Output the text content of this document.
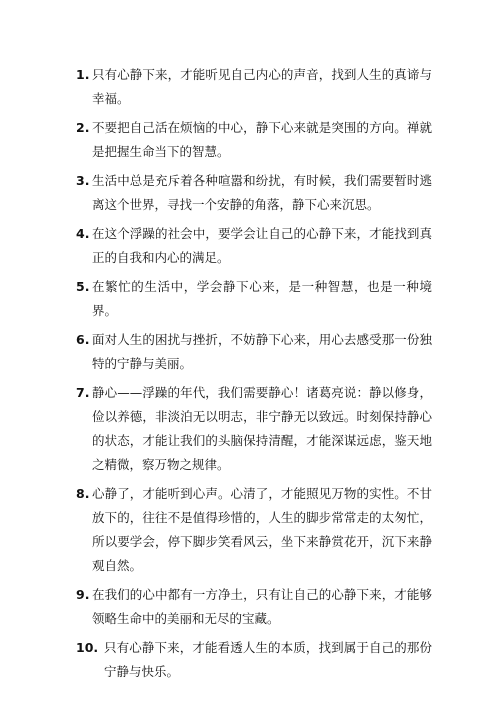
1. 只有心静下来，才能听见自己内心的声音，找到人生的真谛与幸福。
2. 不要把自己活在烦恼的中心，静下心来就是突围的方向。禅就是把握生命当下的智慧。
3. 生活中总是充斥着各种喧嚣和纷扰，有时候，我们需要暂时逃离这个世界，寻找一个安静的角落，静下心来沉思。
4. 在这个浮躁的社会中，要学会让自己的心静下来，才能找到真正的自我和内心的满足。
5. 在繁忙的生活中，学会静下心来，是一种智慧，也是一种境界。
6. 面对人生的困扰与挫折，不妨静下心来，用心去感受那一份独特的宁静与美丽。
7. 静心——浮躁的年代，我们需要静心！诸葛亮说：静以修身，俭以养德，非淡泊无以明志，非宁静无以致远。时刻保持静心的状态，才能让我们的头脑保持清醒，才能深谋远虑，鉴天地之精微，察万物之规律。
8. 心静了，才能听到心声。心清了，才能照见万物的实性。不甘放下的，往往不是值得珍惜的，人生的脚步常常走的太匆忙，所以要学会，停下脚步笑看风云，坐下来静赏花开，沉下来静观自然。
9. 在我们的心中都有一方净土，只有让自己的心静下来，才能够领略生命中的美丽和无尽的宝藏。
10. 只有心静下来，才能看透人生的本质，找到属于自己的那份宁静与快乐。
